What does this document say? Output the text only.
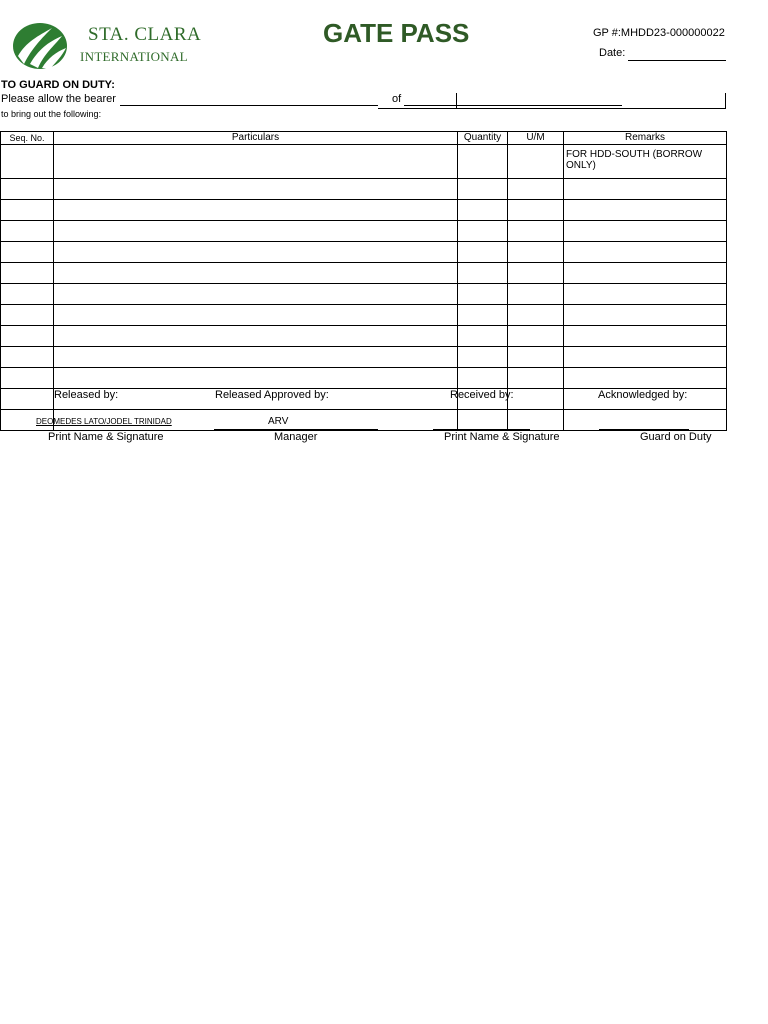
STA. CLARA
INTERNATIONAL
GATE PASS	GP #:MHDD23-000000022
Date:
TO GUARD ON DUTY:
Please allow the bearer	of
to bring out the following:
Seq. No.	Particulars	Quantity	U/M	Remarks
				FOR HDD-SOUTH (BORROW ONLY)

Released by:	Released Approved by:	Received by:	Acknowledged by:
DEOMEDES LATO/JODEL TRINIDAD	ARV
Print Name & Signature	Manager	Print Name & Signature	Guard on Duty
